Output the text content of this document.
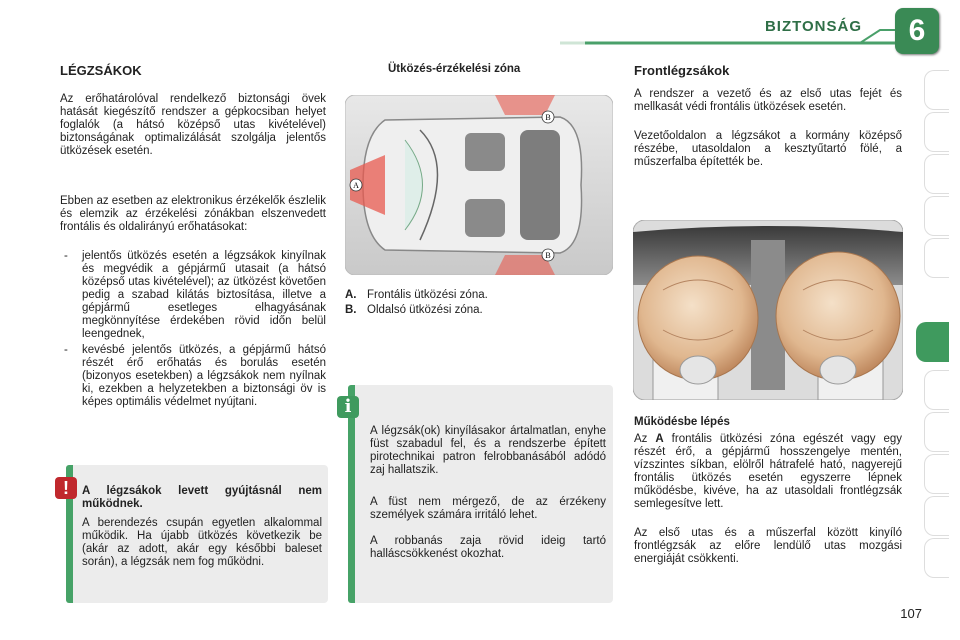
BIZTONSÁG	6
LÉGZSÁKOK

Az erőhatárolóval rendelkező biztonsági övek hatását kiegészítő rendszer a gépkocsiban helyet foglalók (a hátsó középső utas kivételével) biztonságának optimalizálását szolgálja jelentős ütközések esetén.

Ebben az esetben az elektronikus érzékelők észlelik és elemzik az érzékelési zónákban elszenvedett frontális és oldalirányú erőhatásokat:

- jelentős ütközés esetén a légzsákok kinyílnak és megvédik a gépjármű utasait (a hátsó középső utas kivételével); az ütközést követően pedig a szabad kilátás biztosítása, illetve a gépjármű esetleges elhagyásának megkönnyítése érdekében rövid időn belül leengednek,
- kevésbé jelentős ütközés, a gépjármű hátsó részét érő erőhatás és borulás esetén (bizonyos esetekben) a légzsákok nem nyílnak ki, ezekben a helyzetekben a biztonsági öv is képes optimális védelmet nyújtani.

A légzsákok levett gyújtásnál nem működnek.

A berendezés csupán egyetlen alkalommal működik. Ha újabb ütközés következik be (akár az adott, akár egy későbbi baleset során), a légzsák nem fog működni.

!
Ütközés-érzékelési zóna
A
B
B
A. Frontális ütközési zóna.
B. Oldalsó ütközési zóna.

A légzsák(ok) kinyílásakor ártalmatlan, enyhe füst szabadul fel, és a rendszerbe épített pirotechnikai patron felrobbanásából adódó zaj hallatszik.

A füst nem mérgező, de az érzékeny személyek számára irritáló lehet.

A robbanás zaja rövid ideig tartó halláscsökkenést okozhat.

i
Frontlégzsákok

A rendszer a vezető és az első utas fejét és mellkasát védi frontális ütközések esetén.

Vezetőoldalon a légzsákot a kormány középső részébe, utasoldalon a kesztyűtartó fölé, a műszerfalba építették be.

Működésbe lépés

Az A frontális ütközési zóna egészét vagy egy részét érő, a gépjármű hosszengelye mentén, vízszintes síkban, elölről hátrafelé ható, nagyerejű frontális ütközés esetén egyszerre lépnek működésbe, kivéve, ha az utasoldali frontlégzsák semlegesítve lett.

Az első utas és a műszerfal között kinyíló frontlégzsák az előre lendülő utas mozgási energiáját csökkenti.

107
